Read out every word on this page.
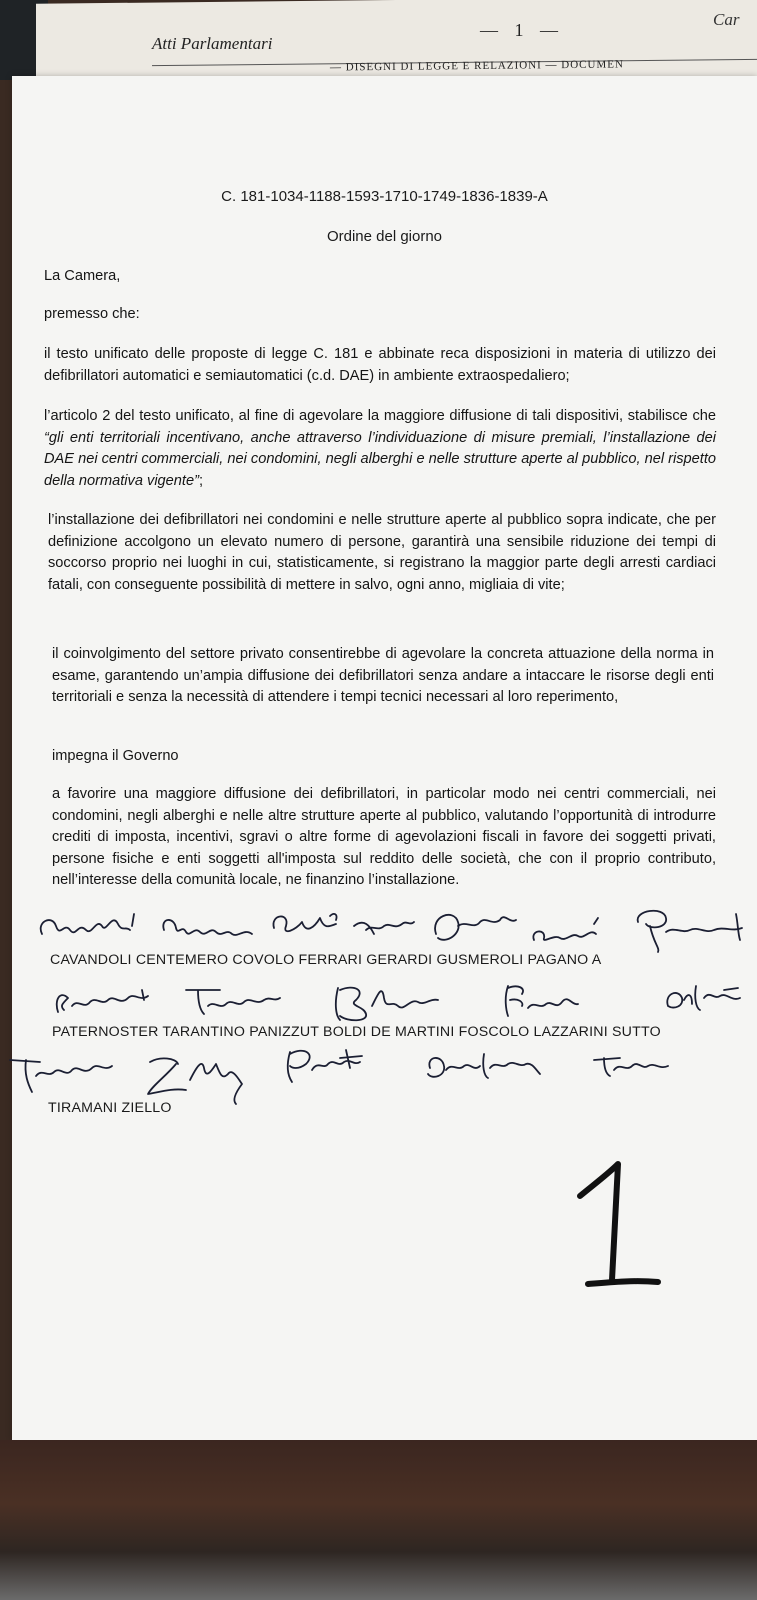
Atti Parlamentari
— 1 —
Car
— DISEGNI DI LEGGE E RELAZIONI — DOCUMEN
C. 181-1034-1188-1593-1710-1749-1836-1839-A
Ordine del giorno
La Camera,
premesso che:
il testo unificato delle proposte di legge C. 181 e abbinate reca disposizioni in materia di utilizzo dei defibrillatori automatici e semiautomatici (c.d. DAE) in ambiente extraospedaliero;
l’articolo 2 del testo unificato, al fine di agevolare la maggiore diffusione di tali dispositivi, stabilisce che “gli enti territoriali incentivano, anche attraverso l’individuazione di misure premiali, l’installazione dei DAE nei centri commerciali, nei condomini, negli alberghi e nelle strutture aperte al pubblico, nel rispetto della normativa vigente”;
l’installazione dei defibrillatori nei condomini e nelle strutture aperte al pubblico sopra indicate, che per definizione accolgono un elevato numero di persone, garantirà una sensibile riduzione dei tempi di soccorso proprio nei luoghi in cui, statisticamente, si registrano la maggior parte degli arresti cardiaci fatali, con conseguente possibilità di mettere in salvo, ogni anno, migliaia di vite;
il coinvolgimento del settore privato consentirebbe di agevolare la concreta attuazione della norma in esame, garantendo un’ampia diffusione dei defibrillatori senza andare a intaccare le risorse degli enti territoriali e senza la necessità di attendere i tempi tecnici necessari al loro reperimento,
impegna il Governo
a favorire una maggiore diffusione dei defibrillatori, in particolar modo nei centri commerciali, nei condomini, negli alberghi e nelle altre strutture aperte al pubblico, valutando l’opportunità di introdurre crediti di imposta, incentivi, sgravi o altre forme di agevolazioni fiscali in favore dei soggetti privati, persone fisiche e enti soggetti all'imposta sul reddito delle società, che con il proprio contributo, nell’interesse della comunità locale, ne finanzino l’installazione.
CAVANDOLI CENTEMERO COVOLO FERRARI GERARDI GUSMEROLI PAGANO A
PATERNOSTER TARANTINO PANIZZUT BOLDI DE MARTINI FOSCOLO LAZZARINI SUTTO
TIRAMANI ZIELLO
